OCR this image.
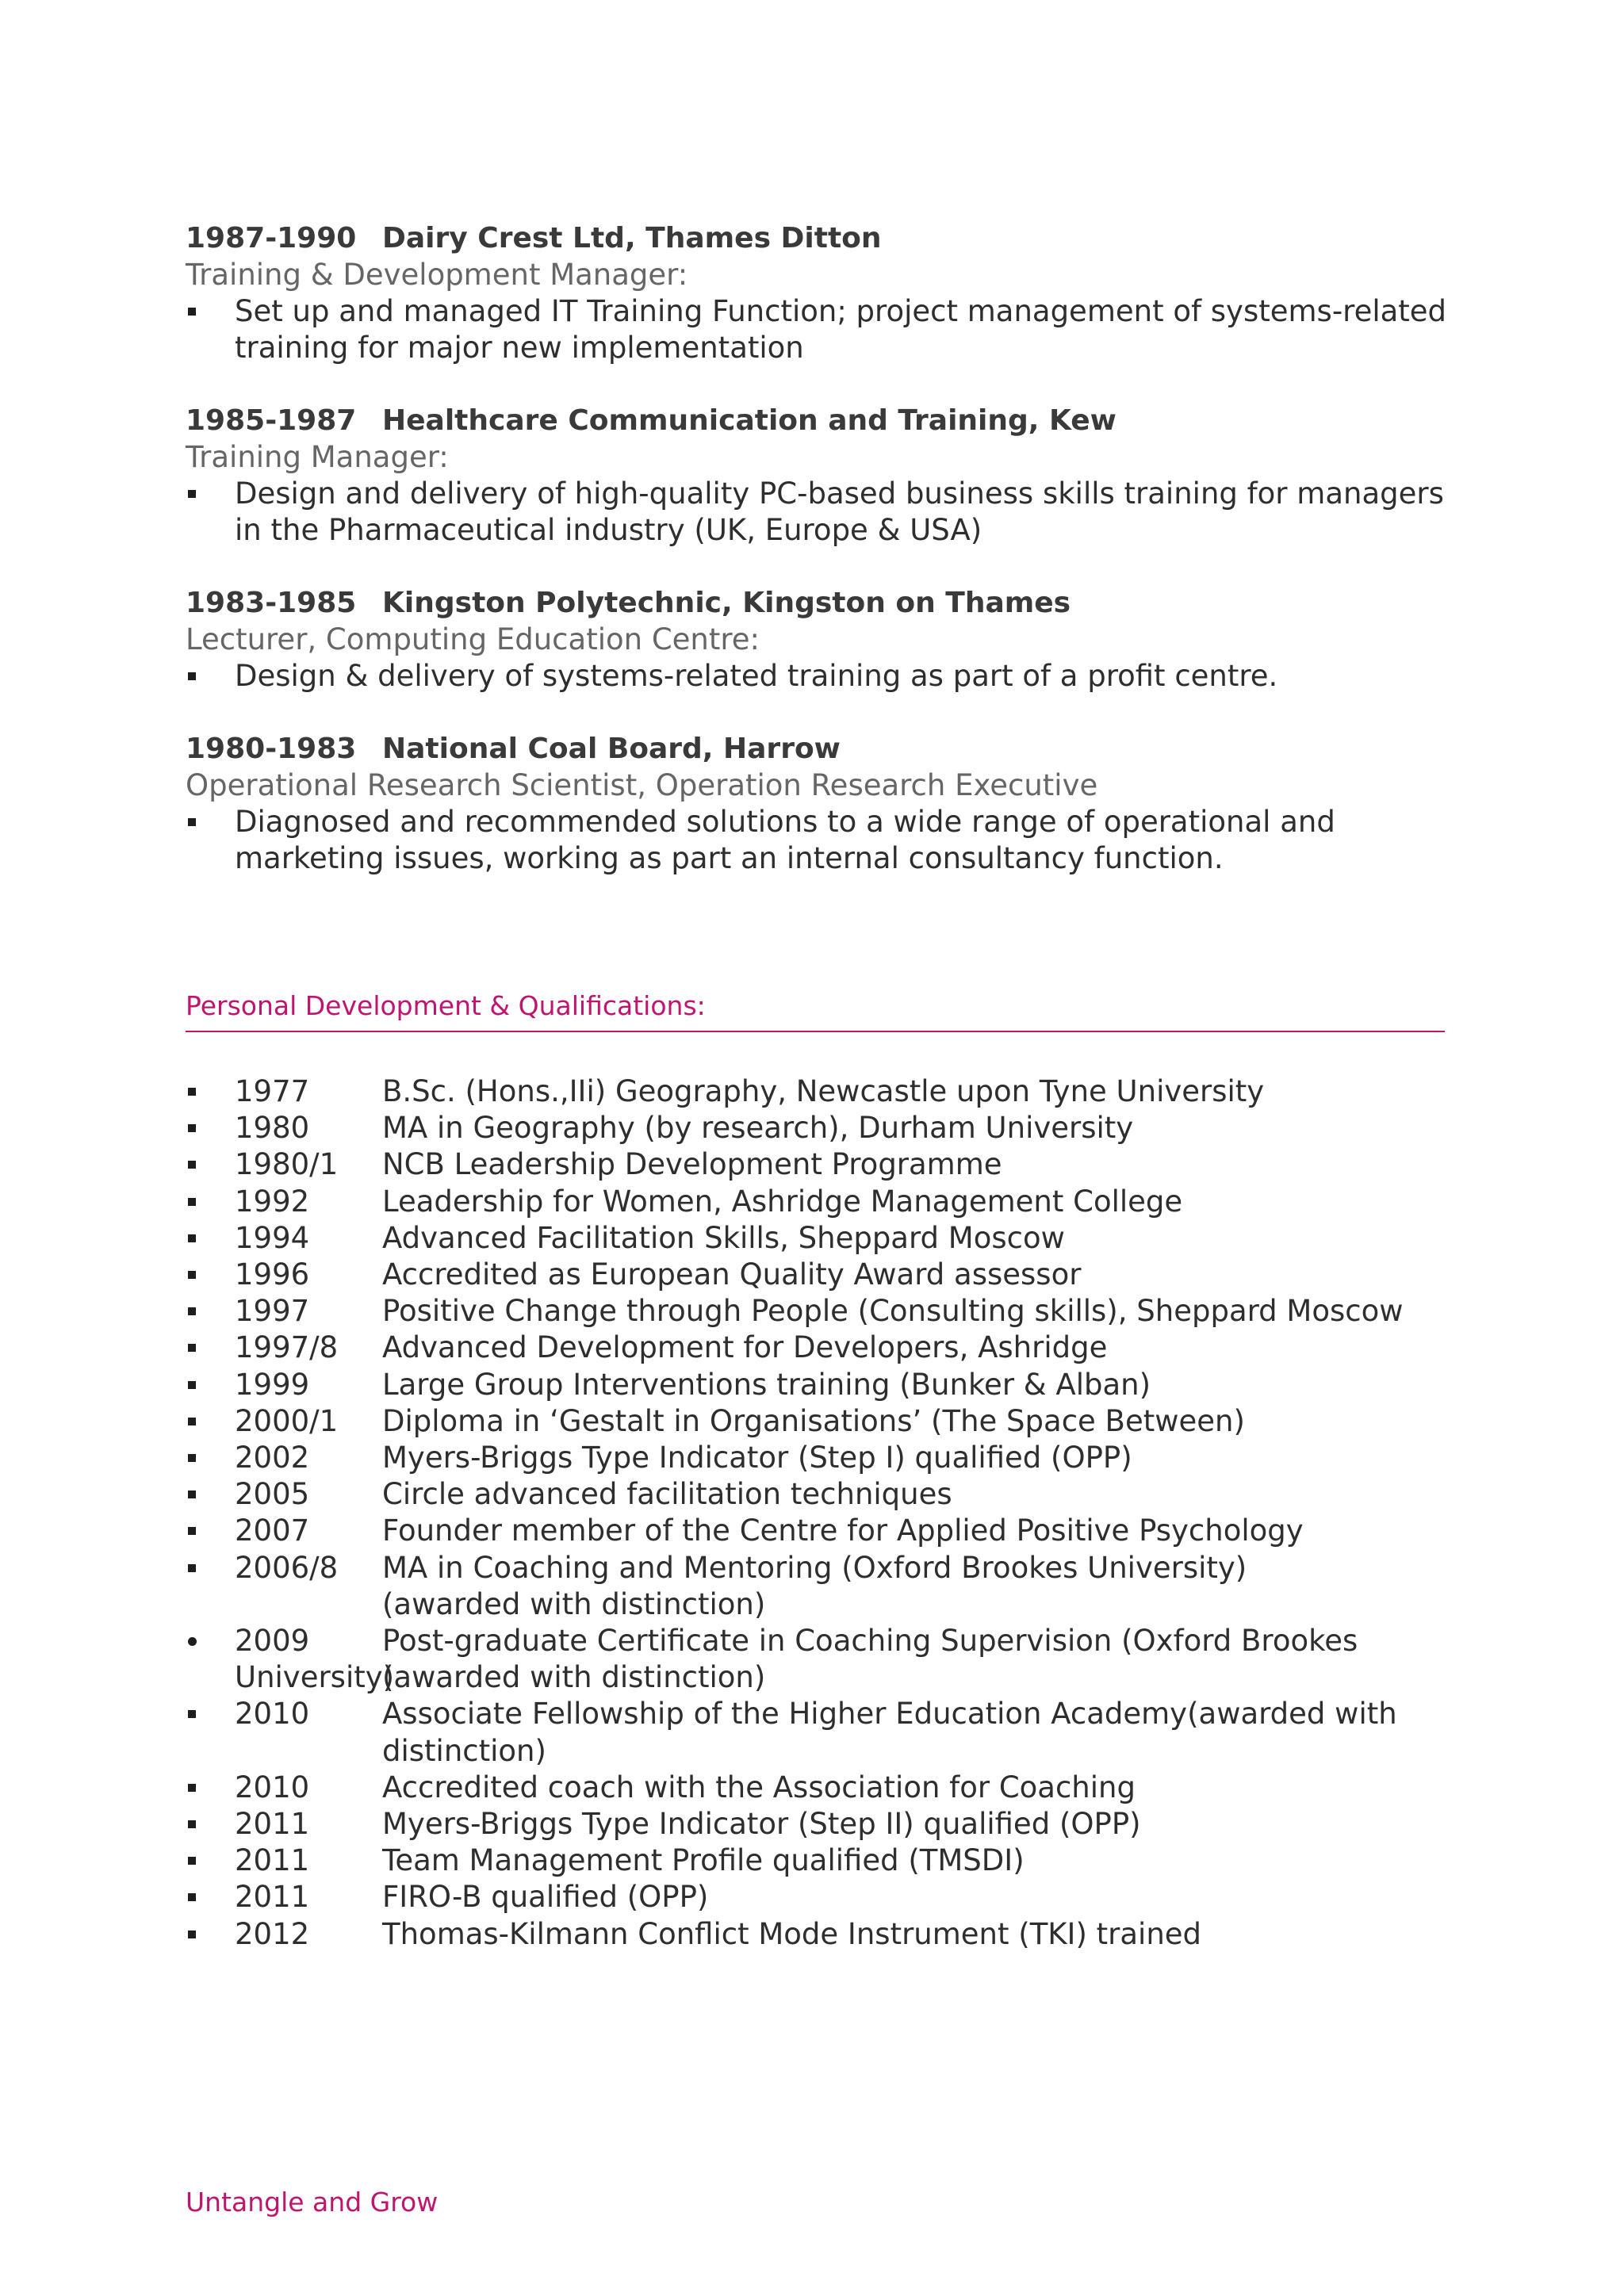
1987-1990 Dairy Crest Ltd, Thames Ditton
Training & Development Manager:
Set up and managed IT Training Function; project management of systems-related training for major new implementation
1985-1987 Healthcare Communication and Training, Kew
Training Manager:
Design and delivery of high-quality PC-based business skills training for managers in the Pharmaceutical industry (UK, Europe & USA)
1983-1985 Kingston Polytechnic, Kingston on Thames
Lecturer, Computing Education Centre:
Design & delivery of systems-related training as part of a profit centre.
1980-1983 National Coal Board, Harrow
Operational Research Scientist, Operation Research Executive
Diagnosed and recommended solutions to a wide range of operational and marketing issues, working as part an internal consultancy function.
Personal Development & Qualifications:
1977	B.Sc. (Hons.,IIi) Geography, Newcastle upon Tyne University
1980	MA in Geography (by research), Durham University
1980/1	NCB Leadership Development Programme
1992	Leadership for Women, Ashridge Management College
1994	Advanced Facilitation Skills, Sheppard Moscow
1996	Accredited as European Quality Award assessor
1997	Positive Change through People (Consulting skills), Sheppard Moscow
1997/8	Advanced Development for Developers, Ashridge
1999	Large Group Interventions training (Bunker & Alban)
2000/1	Diploma in ‘Gestalt in Organisations’ (The Space Between)
2002	Myers-Briggs Type Indicator (Step I) qualified (OPP)
2005	Circle advanced facilitation techniques
2007	Founder member of the Centre for Applied Positive Psychology
2006/8	MA in Coaching and Mentoring (Oxford Brookes University)
(awarded with distinction)
2009	Post-graduate Certificate in Coaching Supervision (Oxford Brookes
University)
(awarded with distinction)
2010	Associate Fellowship of the Higher Education Academy(awarded with
distinction)
2010	Accredited coach with the Association for Coaching
2011	Myers-Briggs Type Indicator (Step II) qualified (OPP)
2011	Team Management Profile qualified (TMSDI)
2011	FIRO-B qualified (OPP)
2012	Thomas-Kilmann Conflict Mode Instrument (TKI) trained
Untangle and Grow
